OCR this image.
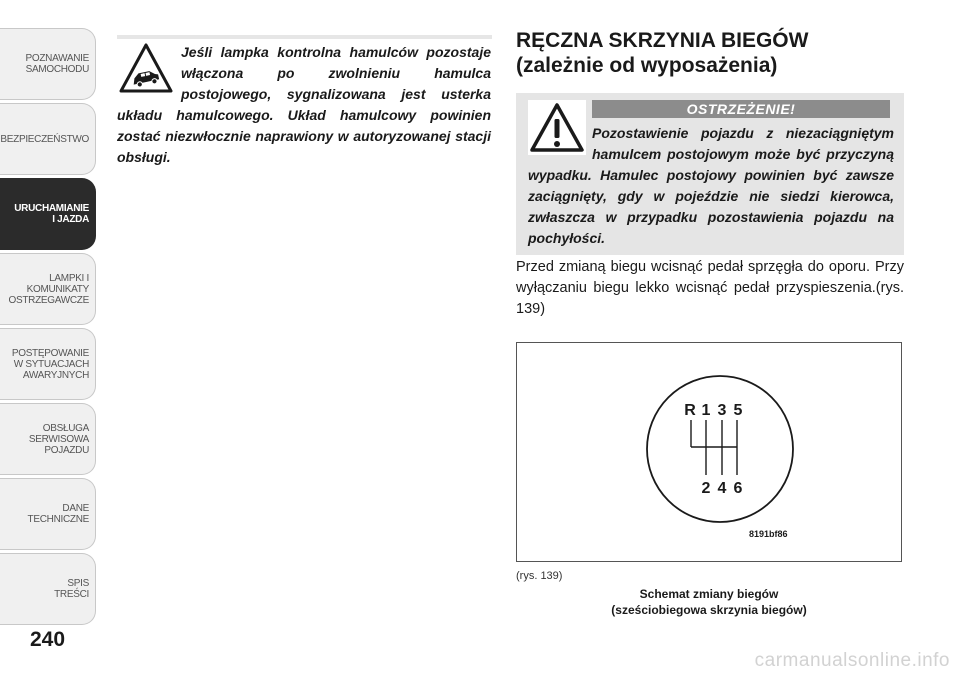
POZNAWANIE
SAMOCHODU
BEZPIECZEŃSTWO
URUCHAMIANIE
I JAZDA
LAMPKI I
KOMUNIKATY
OSTRZEGAWCZE
POSTĘPOWANIE
W SYTUACJACH
AWARYJNYCH
OBSŁUGA
SERWISOWA
POJAZDU
DANE
TECHNICZNE
SPIS
TREŚCI
240
Jeśli lampka kontrolna hamulców pozostaje włączona po zwolnieniu hamulca postojowego, sygnalizowana jest usterka układu hamulcowego. Układ hamulcowy powinien zostać niezwłocznie naprawiony w autoryzowanej stacji obsługi.
RĘCZNA SKRZYNIA BIEGÓW
(zależnie od wyposażenia)
OSTRZEŻENIE!
Pozostawienie pojazdu z niezaciągniętym hamulcem postojowym może być przyczyną wypadku. Hamulec postojowy powinien być zawsze zaciągnięty, gdy w pojeździe nie siedzi kierowca, zwłaszcza w przypadku pozostawienia pojazdu na pochyłości.
Przed zmianą biegu wcisnąć pedał sprzęgła do oporu. Przy wyłączaniu biegu lekko wcisnąć pedał przyspieszenia.(rys. 139)
R 1 3 5
2 4 6
8191bf86
(rys. 139)
Schemat zmiany biegów
(sześciobiegowa skrzynia biegów)
carmanualsonline.info
